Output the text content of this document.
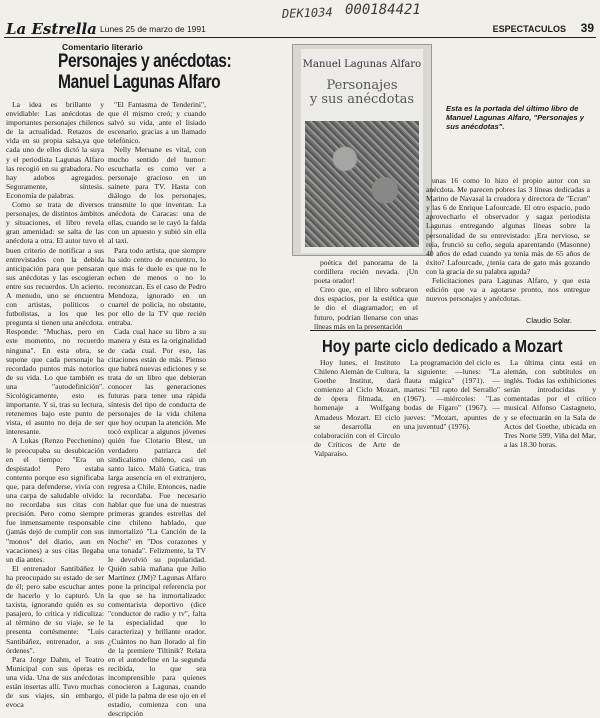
DEK1034 000184421
La Estrella Lunes 25 de marzo de 1991	ESPECTACULOS 39
Comentario literario
Personajes y anécdotas:
Manuel Lagunas Alfaro

La idea es brillante y envidiable: Las anécdotas de importantes personajes chilenos de la actualidad. Retazos de vida en su propia salsa,ya que cada uno de ellos dictó la suya y el periodista Lagunas Alfaro las recogió en su grabadora. No hay adobos agregados. Seguramente, síntesis. Economía de palabras.

Como se trata de diversos personajes, de distintos ámbitos y situaciones, el libro revela gran amenidad: se salta de las anécdota a otra. El autor tuvo el buen criterio de notificar a sus entrevistados con la debida anticipación para que pensaran sus anécdotas y las escogieran entre sus recuerdos. Un acierto. A menudo, uno se encuentra con artistas, políticos o futbolistas, a los que les pregunta si tienen una anécdota. Responde: "Muchas, pero en este momento, no recuerdo ninguna". En esta obra, se supone que cada personaje ha recordado puntos más notorios de su vida. Lo que también es una "autodefinición". Sicológicamente, esto es importante. Y si, tras su lectura, retenemos bajo este punto de vista, el asunto no deja de ser interesante.

A Lukas (Renzo Pecchenino) le preocupaba su desubicación en el tiempo: "Era un despistado! Pero estaba contento porque eso significaba que, para defenderse, vivía con una carpa de saludable olvido: no recordaba sus citas con precisión. Pero como siempre fue inmensamente responsable (jamás dejó de cumplir con sus "monos" del diario, aun en vacaciones) a sus citas llegaba un día antes.

El entrenador Santibáñez le ha preocupado su estado de ser de él; pero sabe escuchar antes de hacerlo y lo capturó. Un taxista, ignorando quién es su pasajero, lo critica y ridiculiza: al término de su viaje, se le presenta cortésmente: "Luis Santibáñez, entrenador, a sus órdenes".

Para Jorge Dahm, el Teatro Municipal con sus óperas es una vida. Una de sus anécdotas están insertas allí. Tuvo muchas de sus viajes, sin embargo, evoca

"El Fantasma de Tenderini", que él mismo creó; y cuando salvó su vida, ante el lisiado escenario, gracias a un llamado telefónico.

Nelly Meruane es vital, con mucho sentido del humor: escucharla es como ver a personaje gracioso en un sainete para TV. Hasta con diálogo de los personajes, transmite lo que inventan. La anécdota de Caracas: una de ellas, cuando se le cayó la falda con un apuesto y subió sin ella al taxi.

Para todo artista, que siempre ha sido centro de encuentro, lo que más le duele es que no le echen de menos o no lo reconozcan. Es el caso de Pedro Mendoza, ignorado en un cuartel de policía, no obstante, por ello de la TV que recién entraba.

Cada cual hace su libro a su manera y ésta es la originalidad de cada cual. Por eso, las citaciones están de más. Pienso que habrá nuevas ediciones y se trata de un libro que debieran conocer las generaciones futuras para tener una rápida síntesis del tipo de conducta de personajes de la vida chilena que hoy ocupan la atención. Me tocó explicar a algunos jóvenes quién fue Clotario Blest, un verdadero patriarca del sindicalismo chileno, casi un santo laico. Malú Gatica, tras larga ausencia en el extranjero, regresa a Chile. Entonces, nadie la recordaba. Fue necesario hablar que fue una de nuestras primeras grandes estrellas del cine chileno hablado, que inmortalizó "La Canción de la Noche" en "Dos corazones y una tonada". Felizmente, la TV le devolvió su popularidad. Quién sabía mañana que Julio Martínez (JM)? Lagunas Alfaro pone la principal referencia por la que se ha inmortalizado: comentarista deportivo (dice "conductor de radio y tv", falta la especialidad que lo caracteriza) y brillante orador. ¿Cuántos no han llorado al fin de la premiere Tiltinik? Relata en el autodefine en la segunda recibida, lo que sea incomprensible para quienes conocieron a Lagunas, cuando él pide la palma de ese ojo en el estadio, comienza con una descripción

Manuel Lagunas Alfaro
Personajes
y sus anécdotas
Esta es la portada del último libro de Manuel Lagunas Alfaro, "Personajes y sus anécdotas".

poética del panorama de la cordillera recién nevada. ¡Un poeta orador!

Creo que, en el libro sobraron dos espacios, por la estética que le dio el diagramador; en el futuro, podrían llenarse con unas líneas más en la presentación

unas 16 como lo hizo el propio autor con su anécdota. Me parecen pobres las 3 líneas dedicadas a Marino de Navasal la creadora y directora de "Ecran" y las 6 de Enrique Lafourcade. El otro espacio, pudo aprovecharlo el observador y sagaz periodista Lagunas entregando algunas líneas sobre la personalidad de su entrevistado: ¡Era nervioso, se reía, frunció su ceño, seguía aparentando (Masonne) 40 años de edad cuando ya tenía más de 65 años de éxito? Lafourcade, ¿tenía cara de gato más gozando con la gracia de su palabra aguda?

Felicitaciones para Lagunas Alfaro, y que esta edición que va a agotarse pronto, nos entregue nuevos personajes y anécdotas.

Claudio Solar.
Hoy parte ciclo dedicado a Mozart

Hoy lunes, el Instituto Chileno Alemán de Cultura, Goethe Institut, dará comienzo al Ciclo Mozart, de ópera filmada, en homenaje a Wolfgang Amadeus Mozart. El ciclo se desarrolla en colaboración con el Círculo de Críticos de Arte de Valparaíso.

La programación del ciclo es la siguiente: —lunes: "La flauta mágica" (1971). —martes: "El rapto del Serrallo" (1967). —miércoles: "Las bodas de Fígaro" (1967). —jueves: "Mozart, apuntes de una juventud" (1976).

La última cinta está en alemán, con subtítulos en inglés. Todas las exhibiciones serán introducidas y comentadas por el crítico musical Alfonso Castagneto, y se efectuarán en la Sala de Actos del Goethe, ubicada en Tres Norte 599, Viña del Mar, a las 18.30 horas.
